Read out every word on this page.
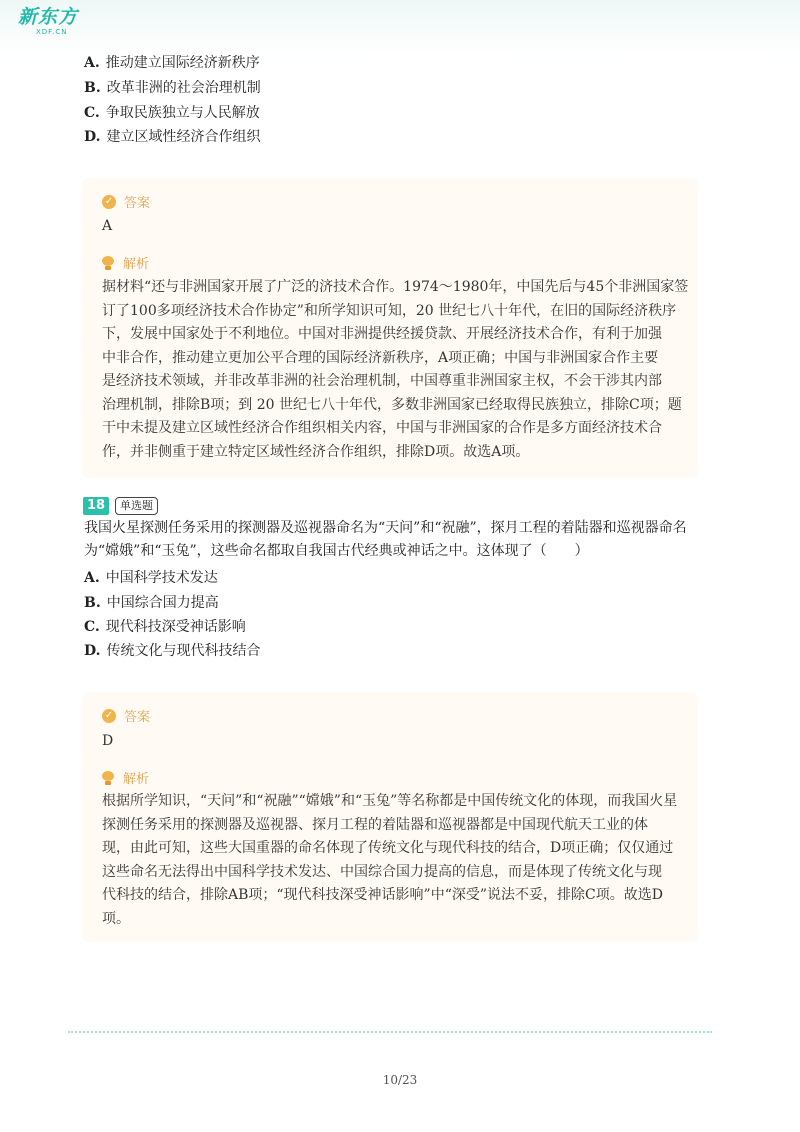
新东方
XDF.CN
A. 推动建立国际经济新秩序
B. 改革非洲的社会治理机制
C. 争取民族独立与人民解放
D. 建立区域性经济合作组织
✓ 答案
A
解析
据材料“还与非洲国家开展了广泛的济技术合作。1974～1980年，中国先后与45个非洲国家签
订了100多项经济技术合作协定”和所学知识可知，20 世纪七八十年代，在旧的国际经济秩序
下，发展中国家处于不利地位。中国对非洲提供经援贷款、开展经济技术合作，有利于加强
中非合作，推动建立更加公平合理的国际经济新秩序，A项正确；中国与非洲国家合作主要
是经济技术领域，并非改革非洲的社会治理机制，中国尊重非洲国家主权，不会干涉其内部
治理机制，排除B项；到 20 世纪七八十年代，多数非洲国家已经取得民族独立，排除C项；题
干中未提及建立区域性经济合作组织相关内容，中国与非洲国家的合作是多方面经济技术合
作，并非侧重于建立特定区域性经济合作组织，排除D项。故选A项。
18	单选题
我国火星探测任务采用的探测器及巡视器命名为“天问”和“祝融”，探月工程的着陆器和巡视器命名
为“嫦娥”和“玉兔”，这些命名都取自我国古代经典或神话之中。这体现了（　　）
A. 中国科学技术发达
B. 中国综合国力提高
C. 现代科技深受神话影响
D. 传统文化与现代科技结合
✓ 答案
D
解析
根据所学知识，“天问”和“祝融”“嫦娥”和“玉兔”等名称都是中国传统文化的体现，而我国火星
探测任务采用的探测器及巡视器、探月工程的着陆器和巡视器都是中国现代航天工业的体
现，由此可知，这些大国重器的命名体现了传统文化与现代科技的结合，D项正确；仅仅通过
这些命名无法得出中国科学技术发达、中国综合国力提高的信息，而是体现了传统文化与现
代科技的结合，排除AB项；“现代科技深受神话影响”中“深受”说法不妥，排除C项。故选D
项。
10/23
